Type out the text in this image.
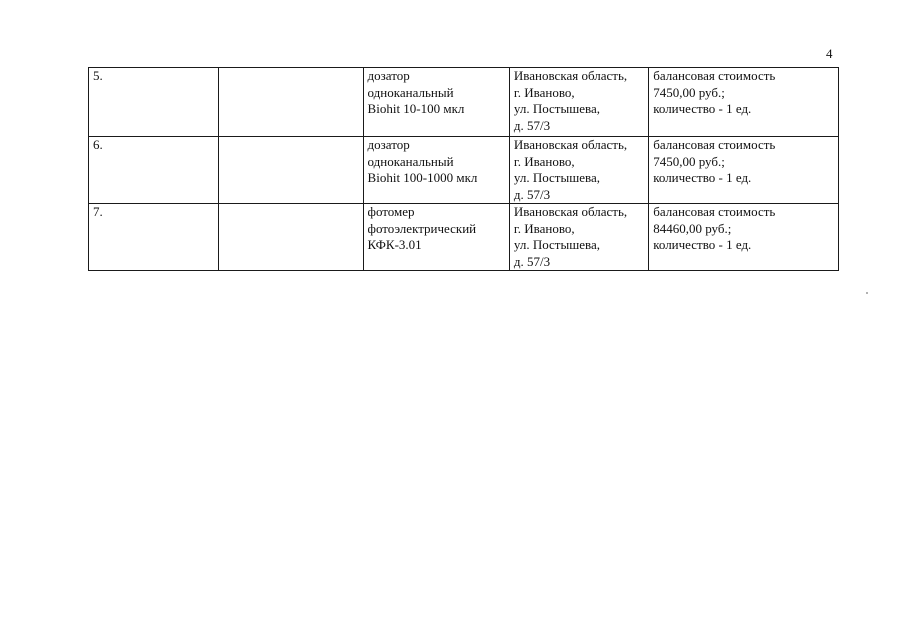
4
5.		дозатор
одноканальный
Biohit 10-100 мкл	Ивановская область,
г. Иваново,
ул. Постышева,
д. 57/3	балансовая стоимость
7450,00 руб.;
количество - 1 ед.

6.		дозатор
одноканальный
Biohit 100-1000 мкл	Ивановская область,
г. Иваново,
ул. Постышева,
д. 57/3	балансовая стоимость
7450,00 руб.;
количество - 1 ед.

7.		фотомер
фотоэлектрический
КФК-3.01	Ивановская область,
г. Иваново,
ул. Постышева,
д. 57/3	балансовая стоимость
84460,00 руб.;
количество - 1 ед.
